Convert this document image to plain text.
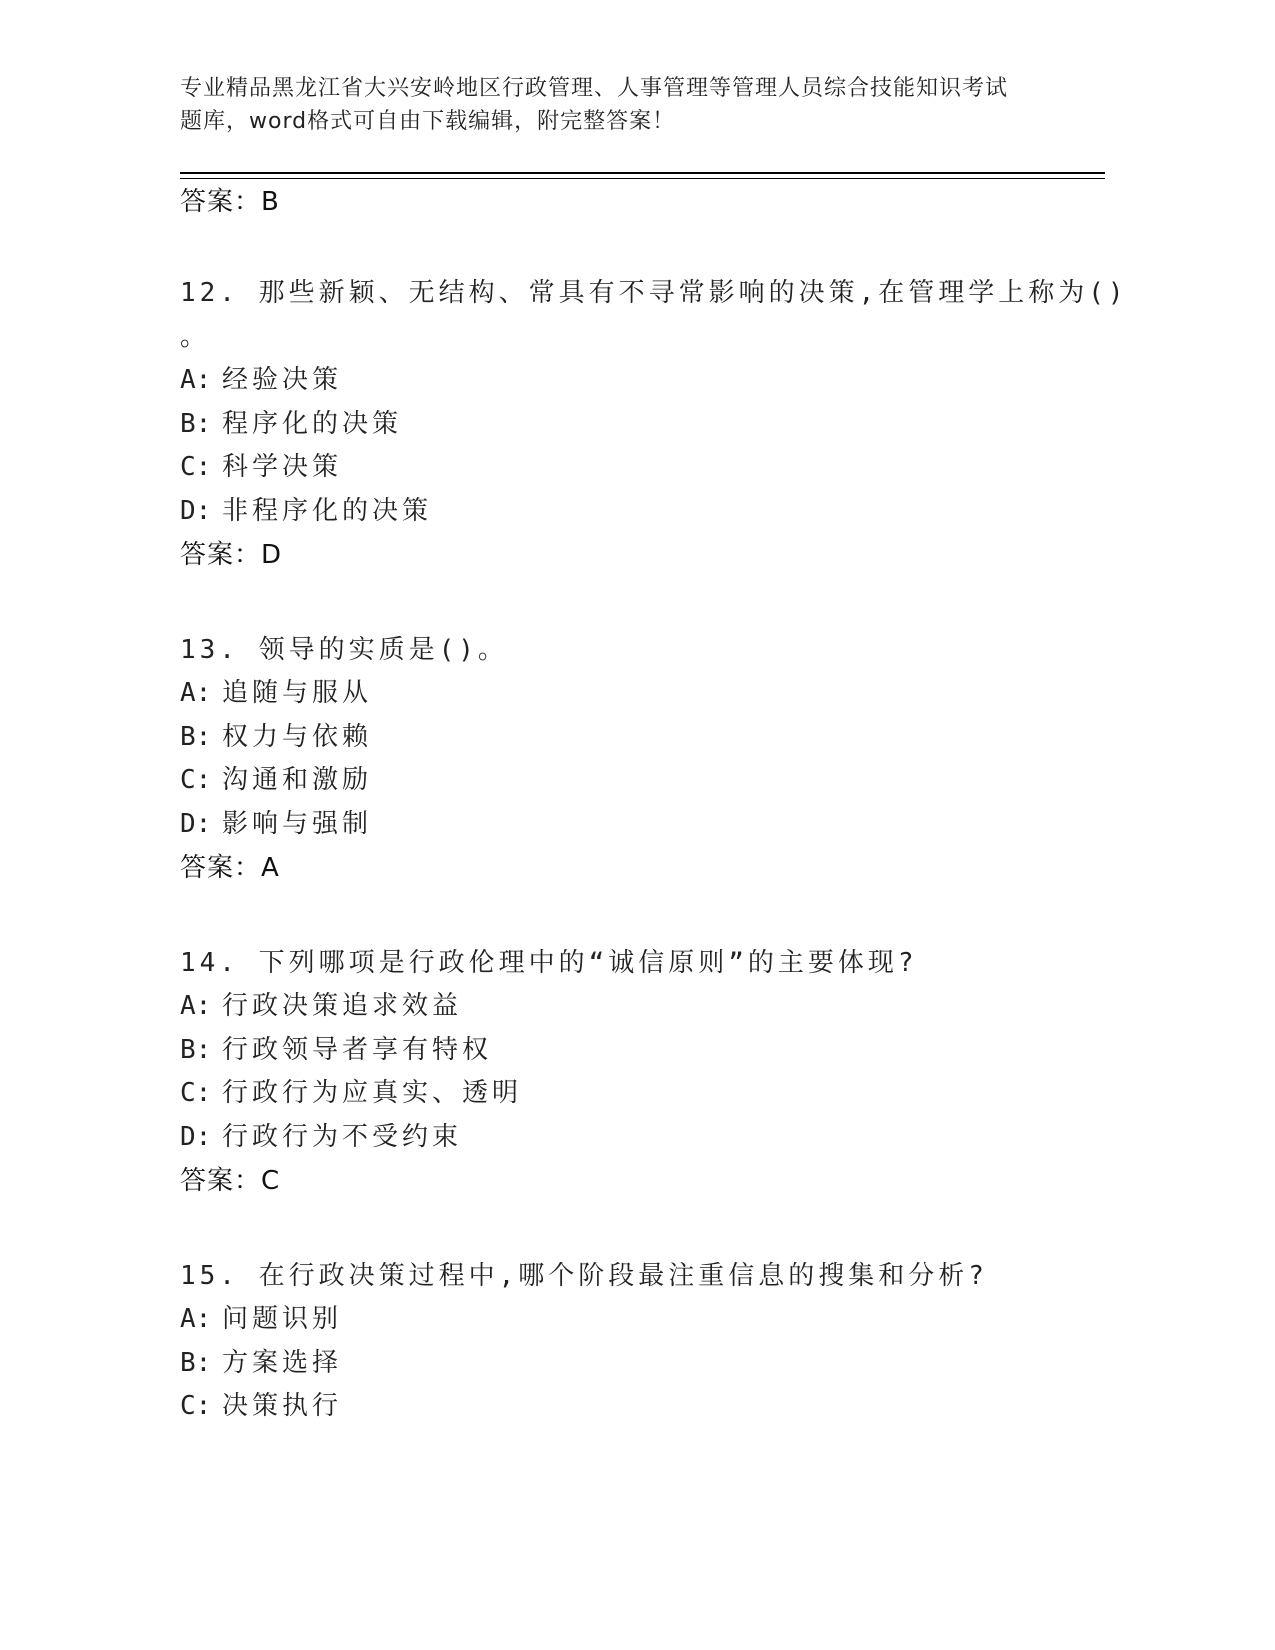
专业精品黑龙江省大兴安岭地区行政管理、人事管理等管理人员综合技能知识考试
题库，word格式可自由下载编辑，附完整答案！
答案：B
12. 那些新颖、无结构、常具有不寻常影响的决策,在管理学上称为()
。
A: 经验决策
B: 程序化的决策
C: 科学决策
D: 非程序化的决策
答案：D
13. 领导的实质是()。
A: 追随与服从
B: 权力与依赖
C: 沟通和激励
D: 影响与强制
答案：A
14. 下列哪项是行政伦理中的“诚信原则”的主要体现?
A: 行政决策追求效益
B: 行政领导者享有特权
C: 行政行为应真实、透明
D: 行政行为不受约束
答案：C
15. 在行政决策过程中,哪个阶段最注重信息的搜集和分析?
A: 问题识别
B: 方案选择
C: 决策执行
